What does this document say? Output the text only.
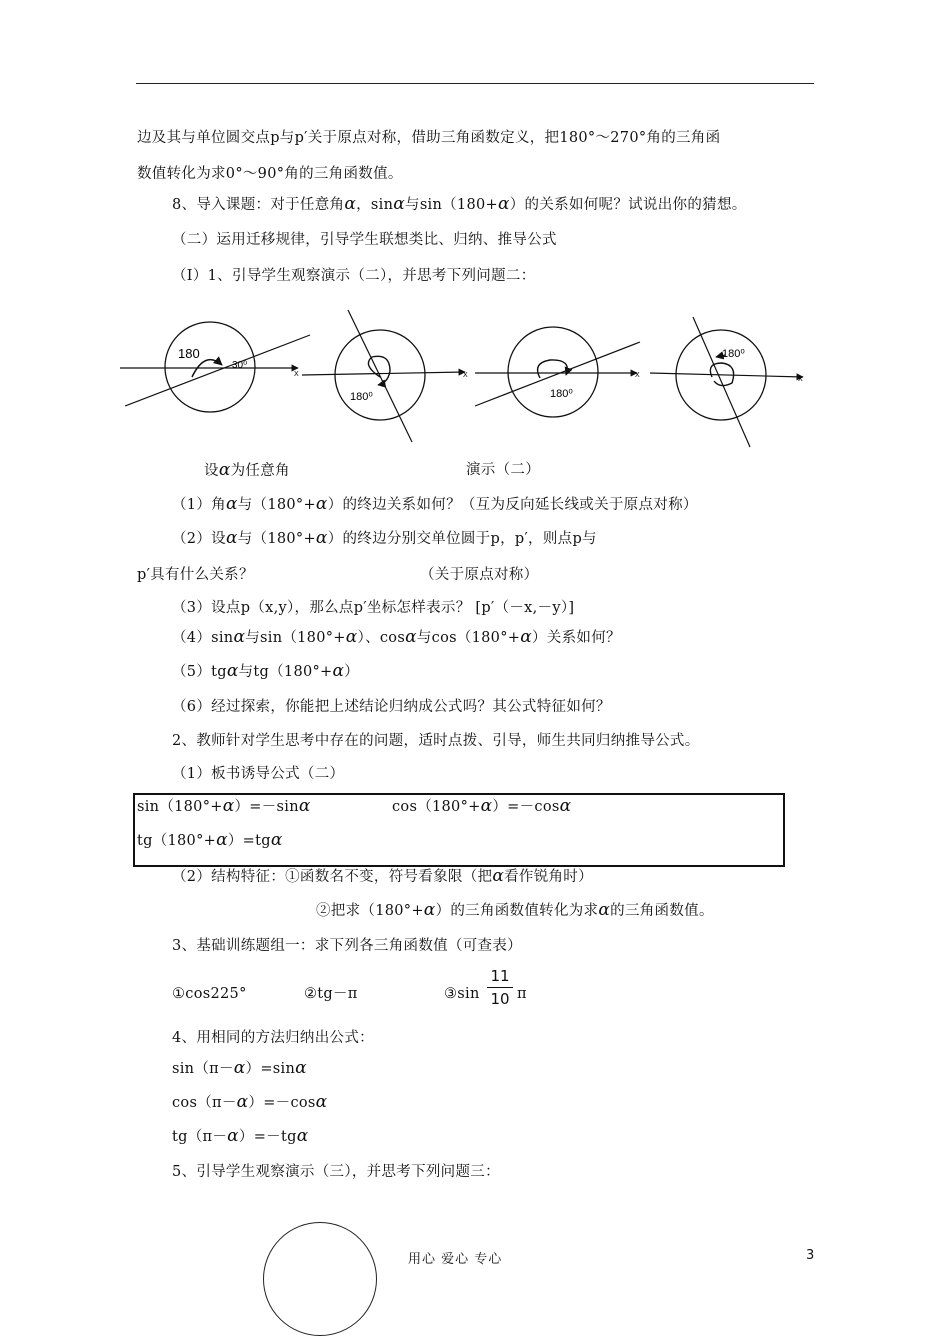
边及其与单位圆交点p与p′关于原点对称，借助三角函数定义，把180°～270°角的三角函
数值转化为求0°～90°角的三角函数值。
8、导入课题：对于任意角α，sinα与sin（180+α）的关系如何呢？试说出你的猜想。
（二）运用迁移规律，引导学生联想类比、归纳、推导公式
（I）1、引导学生观察演示（二），并思考下列问题二：
180
30⁰
X
180⁰
X
180⁰
X
180⁰
X
设α为任意角	演示（二）
（1）角α与（180°+α）的终边关系如何？（互为反向延长线或关于原点对称）
（2）设α与（180°+α）的终边分别交单位圆于p，p′，则点p与
p′具有什么关系？	（关于原点对称）
（3）设点p（x,y），那么点p′坐标怎样表示？ [p′（－x,－y）]
（4）sinα与sin（180°+α）、cosα与cos（180°+α）关系如何？
（5）tgα与tg（180°+α）
（6）经过探索，你能把上述结论归纳成公式吗？其公式特征如何？
2、教师针对学生思考中存在的问题，适时点拨、引导，师生共同归纳推导公式。
（1）板书诱导公式（二）
sin（180°+α）=－sinα	cos（180°+α）=－cosα
tg（180°+α）=tgα
（2）结构特征：①函数名不变，符号看象限（把α看作锐角时）
②把求（180°+α）的三角函数值转化为求α的三角函数值。
3、基础训练题组一：求下列各三角函数值（可查表）
①cos225°	②tg－π	③sin
11
10 π
4、用相同的方法归纳出公式：
sin（π－α）=sinα
cos（π－α）=－cosα
tg（π－α）=－tgα
5、引导学生观察演示（三），并思考下列问题三：
用心 爱心 专心	3
